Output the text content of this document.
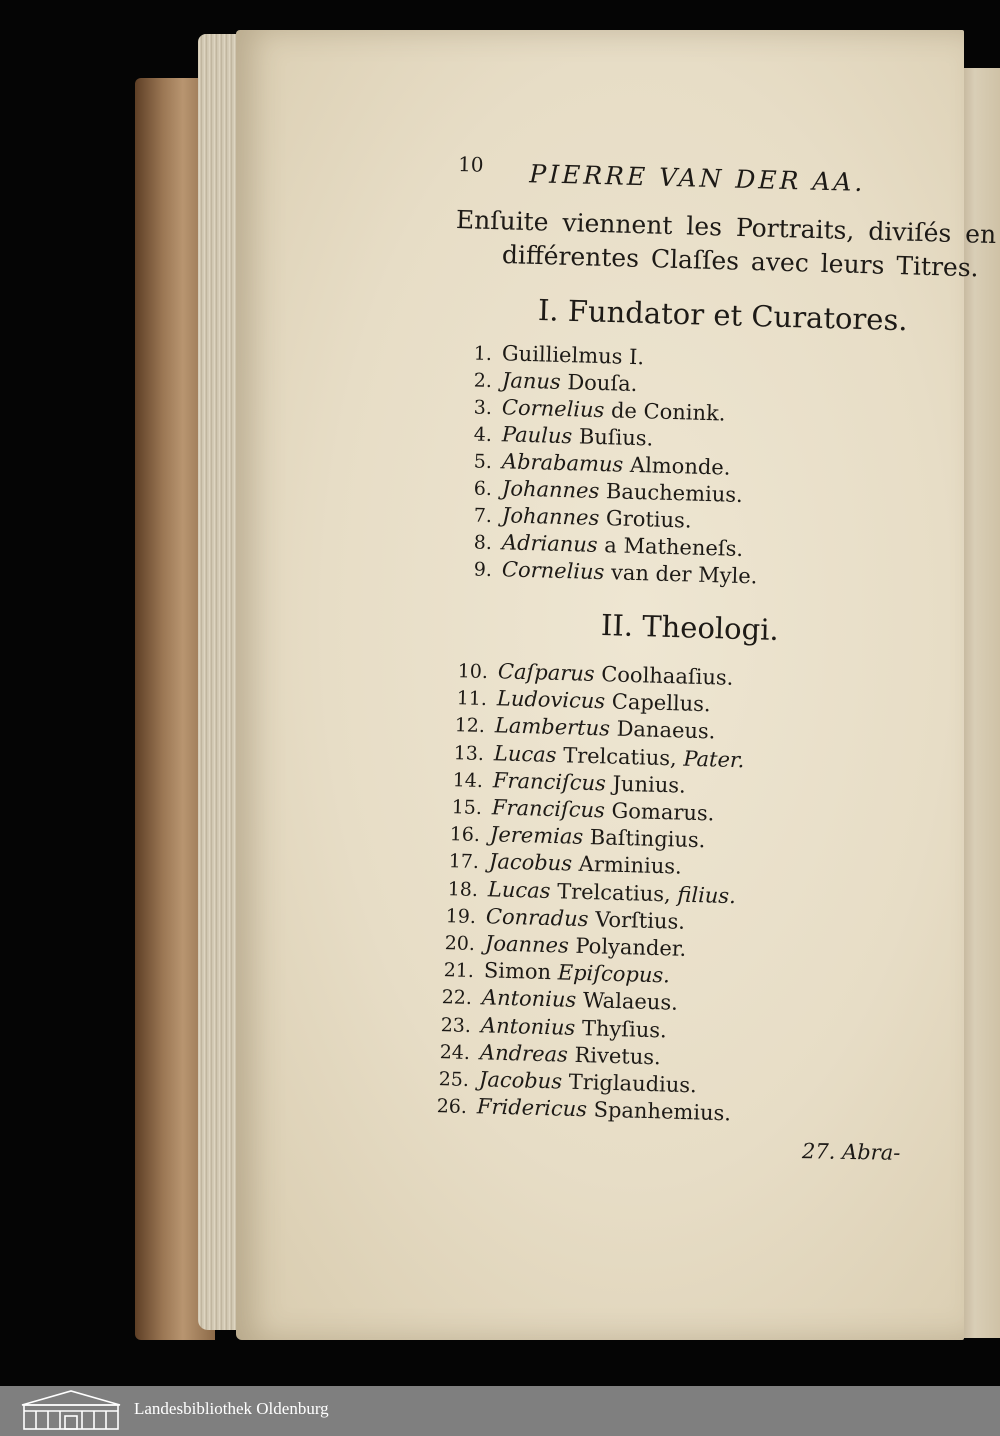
$^{10}$ PIERRE VAN DER AA.
Enſuite viennent les Portraits, diviſés en
différentes Claſſes avec leurs Titres.
I. Fundator et Curatores.
1. Guillielmus I.
2. Janus Douſa.
3. Cornelius de Conink.
4. Paulus Buſius.
5. Abrabamus Almonde.
6. Johannes Bauchemius.
7. Johannes Grotius.
8. Adrianus a Matheneſs.
9. Cornelius van der Myle.
II. Theologi.
10. Caſparus Coolhaaſius.
11. Ludovicus Capellus.
12. Lambertus Danaeus.
13. Lucas Trelcatius, Pater.
14. Franciſcus Junius.
15. Franciſcus Gomarus.
16. Jeremias Baſtingius.
17. Jacobus Arminius.
18. Lucas Trelcatius, filius.
19. Conradus Vorſtius.
20. Joannes Polyander.
21. Simon Epiſcopus.
22. Antonius Walaeus.
23. Antonius Thyſius.
24. Andreas Rivetus.
25. Jacobus Triglaudius.
26. Fridericus Spanhemius.
27. Abra-
Landesbibliothek Oldenburg
